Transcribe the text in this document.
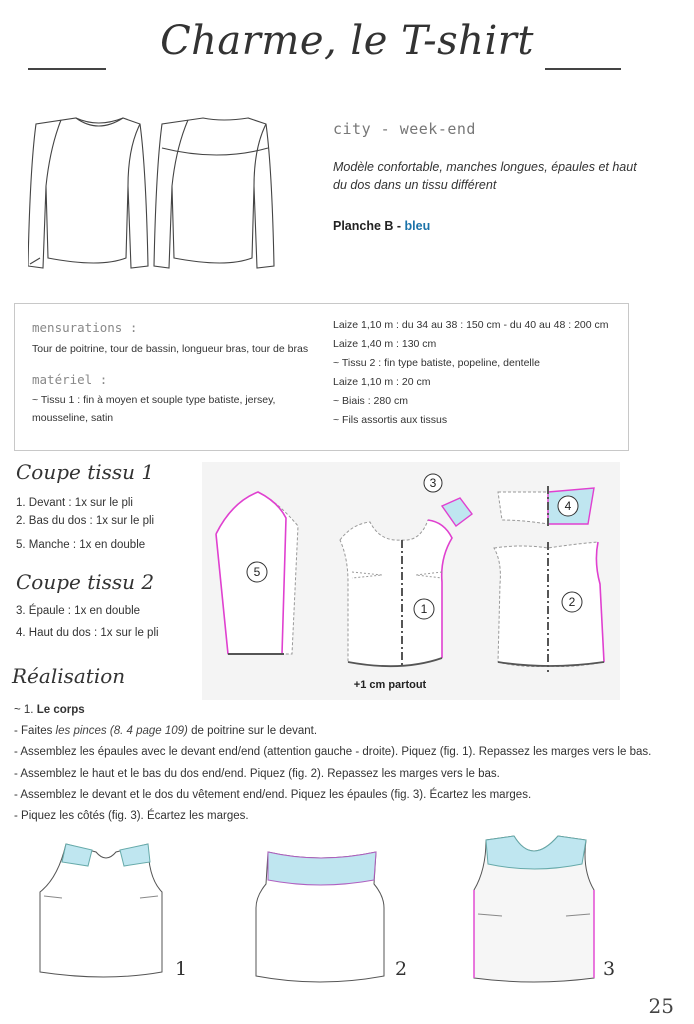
Charme, le T-shirt
city - week-end
Modèle confortable, manches longues, épaules et haut du dos dans un tissu différent
Planche B - bleu
mensurations :
Tour de poitrine, tour de bassin, longueur bras, tour de bras
matériel :
~ Tissu 1 : fin à moyen et souple type batiste, jersey,
mousseline, satin
Laize 1,10 m : du 34 au 38 : 150 cm - du 40 au 48 : 200 cm
Laize 1,40 m : 130 cm
~ Tissu 2 : fin type batiste, popeline, dentelle
Laize 1,10 m : 20 cm
~ Biais : 280 cm
~ Fils assortis aux tissus
Coupe tissu 1
1. Devant : 1x sur le pli
2. Bas du dos : 1x sur le pli
5. Manche : 1x en double
Coupe tissu 2
3. Épaule : 1x en double
4. Haut du dos : 1x sur le pli
1	2
3
4
5
+1 cm partout
Réalisation
~ 1. Le corps
- Faites les pinces (8. 4 page 109) de poitrine sur le devant.
- Assemblez les épaules avec le devant end/end (attention gauche - droite). Piquez (fig. 1). Repassez les marges vers le bas.
- Assemblez le haut et le bas du dos end/end. Piquez (fig. 2). Repassez les marges vers le bas.
- Assemblez le devant et le dos du vêtement end/end. Piquez les épaules (fig. 3). Écartez les marges.
- Piquez les côtés (fig. 3). Écartez les marges.
1	2	3
25
